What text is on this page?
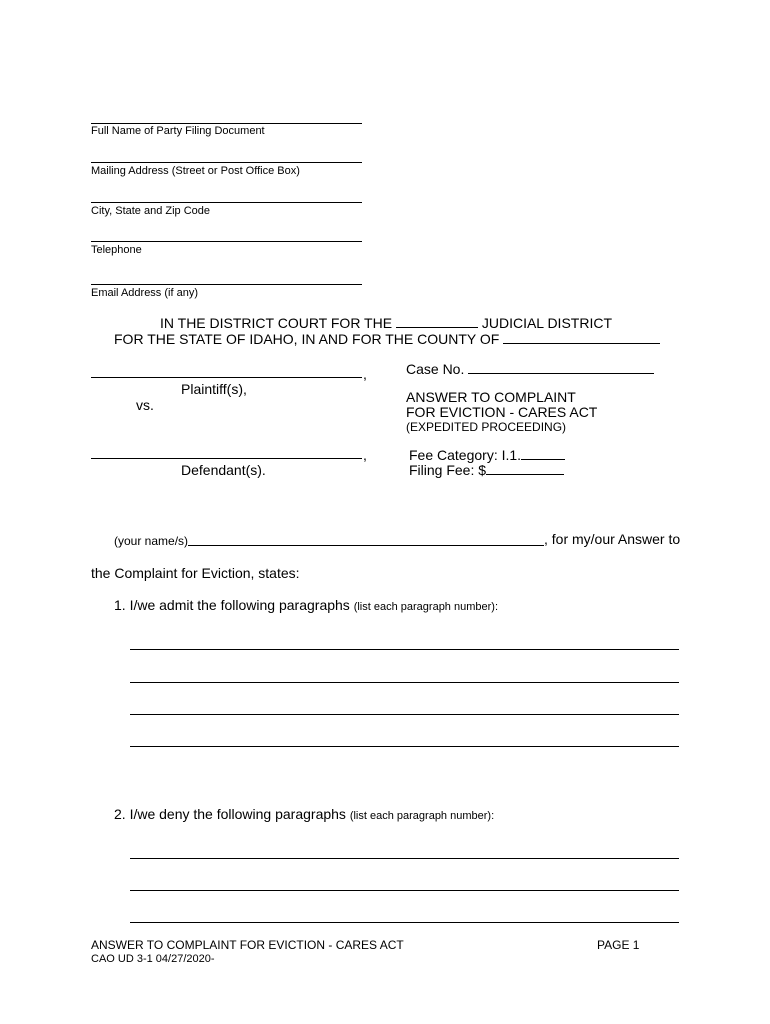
Full Name of Party Filing Document
Mailing Address (Street or Post Office Box)
City, State and Zip Code
Telephone
Email Address (if any)
IN THE DISTRICT COURT FOR THE	JUDICIAL DISTRICT
FOR THE STATE OF IDAHO, IN AND FOR THE COUNTY OF
,
Plaintiff(s),
vs.
,
Defendant(s).
Case No.
ANSWER TO COMPLAINT
FOR EVICTION - CARES ACT
(EXPEDITED PROCEEDING)
Fee Category: I.1.
Filing Fee: $
(your name/s)	, for my/our Answer to
the Complaint for Eviction, states:
1. I/we admit the following paragraphs (list each paragraph number):
2. I/we deny the following paragraphs (list each paragraph number):
ANSWER TO COMPLAINT FOR EVICTION - CARES ACT
CAO UD 3-1 04/27/2020-
PAGE 1
